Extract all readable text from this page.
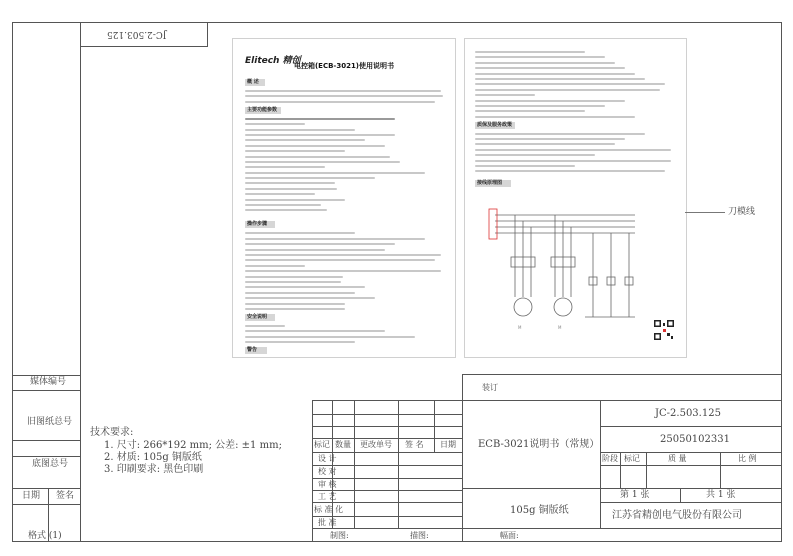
媒体编号
旧图纸总号
底图总号
日期 签名
格式 (1)
JC-2.503.125
Elitech 精创
电控箱(ECB-3021)使用说明书
概 述
主要功能参数
操作步骤
安全说明
警告
质保及服务政策
接线原理图
M	M
刀模线
技术要求:
1. 尺寸: 266*192 mm; 公差: ±1 mm;
2. 材质: 105g 铜版纸
3. 印刷要求: 黑色印刷
装订
标记 数量 更改单号 签 名 日期
设 计
校 对
审 核
工 艺
标 准 化
批 准
ECB-3021说明书（常规）
105g 铜版纸
JC-2.503.125
25050102331
阶段 标记	质 量	比 例
第 1 张	共 1 张
江苏省精创电气股份有限公司
制图:	描图:	幅面:
